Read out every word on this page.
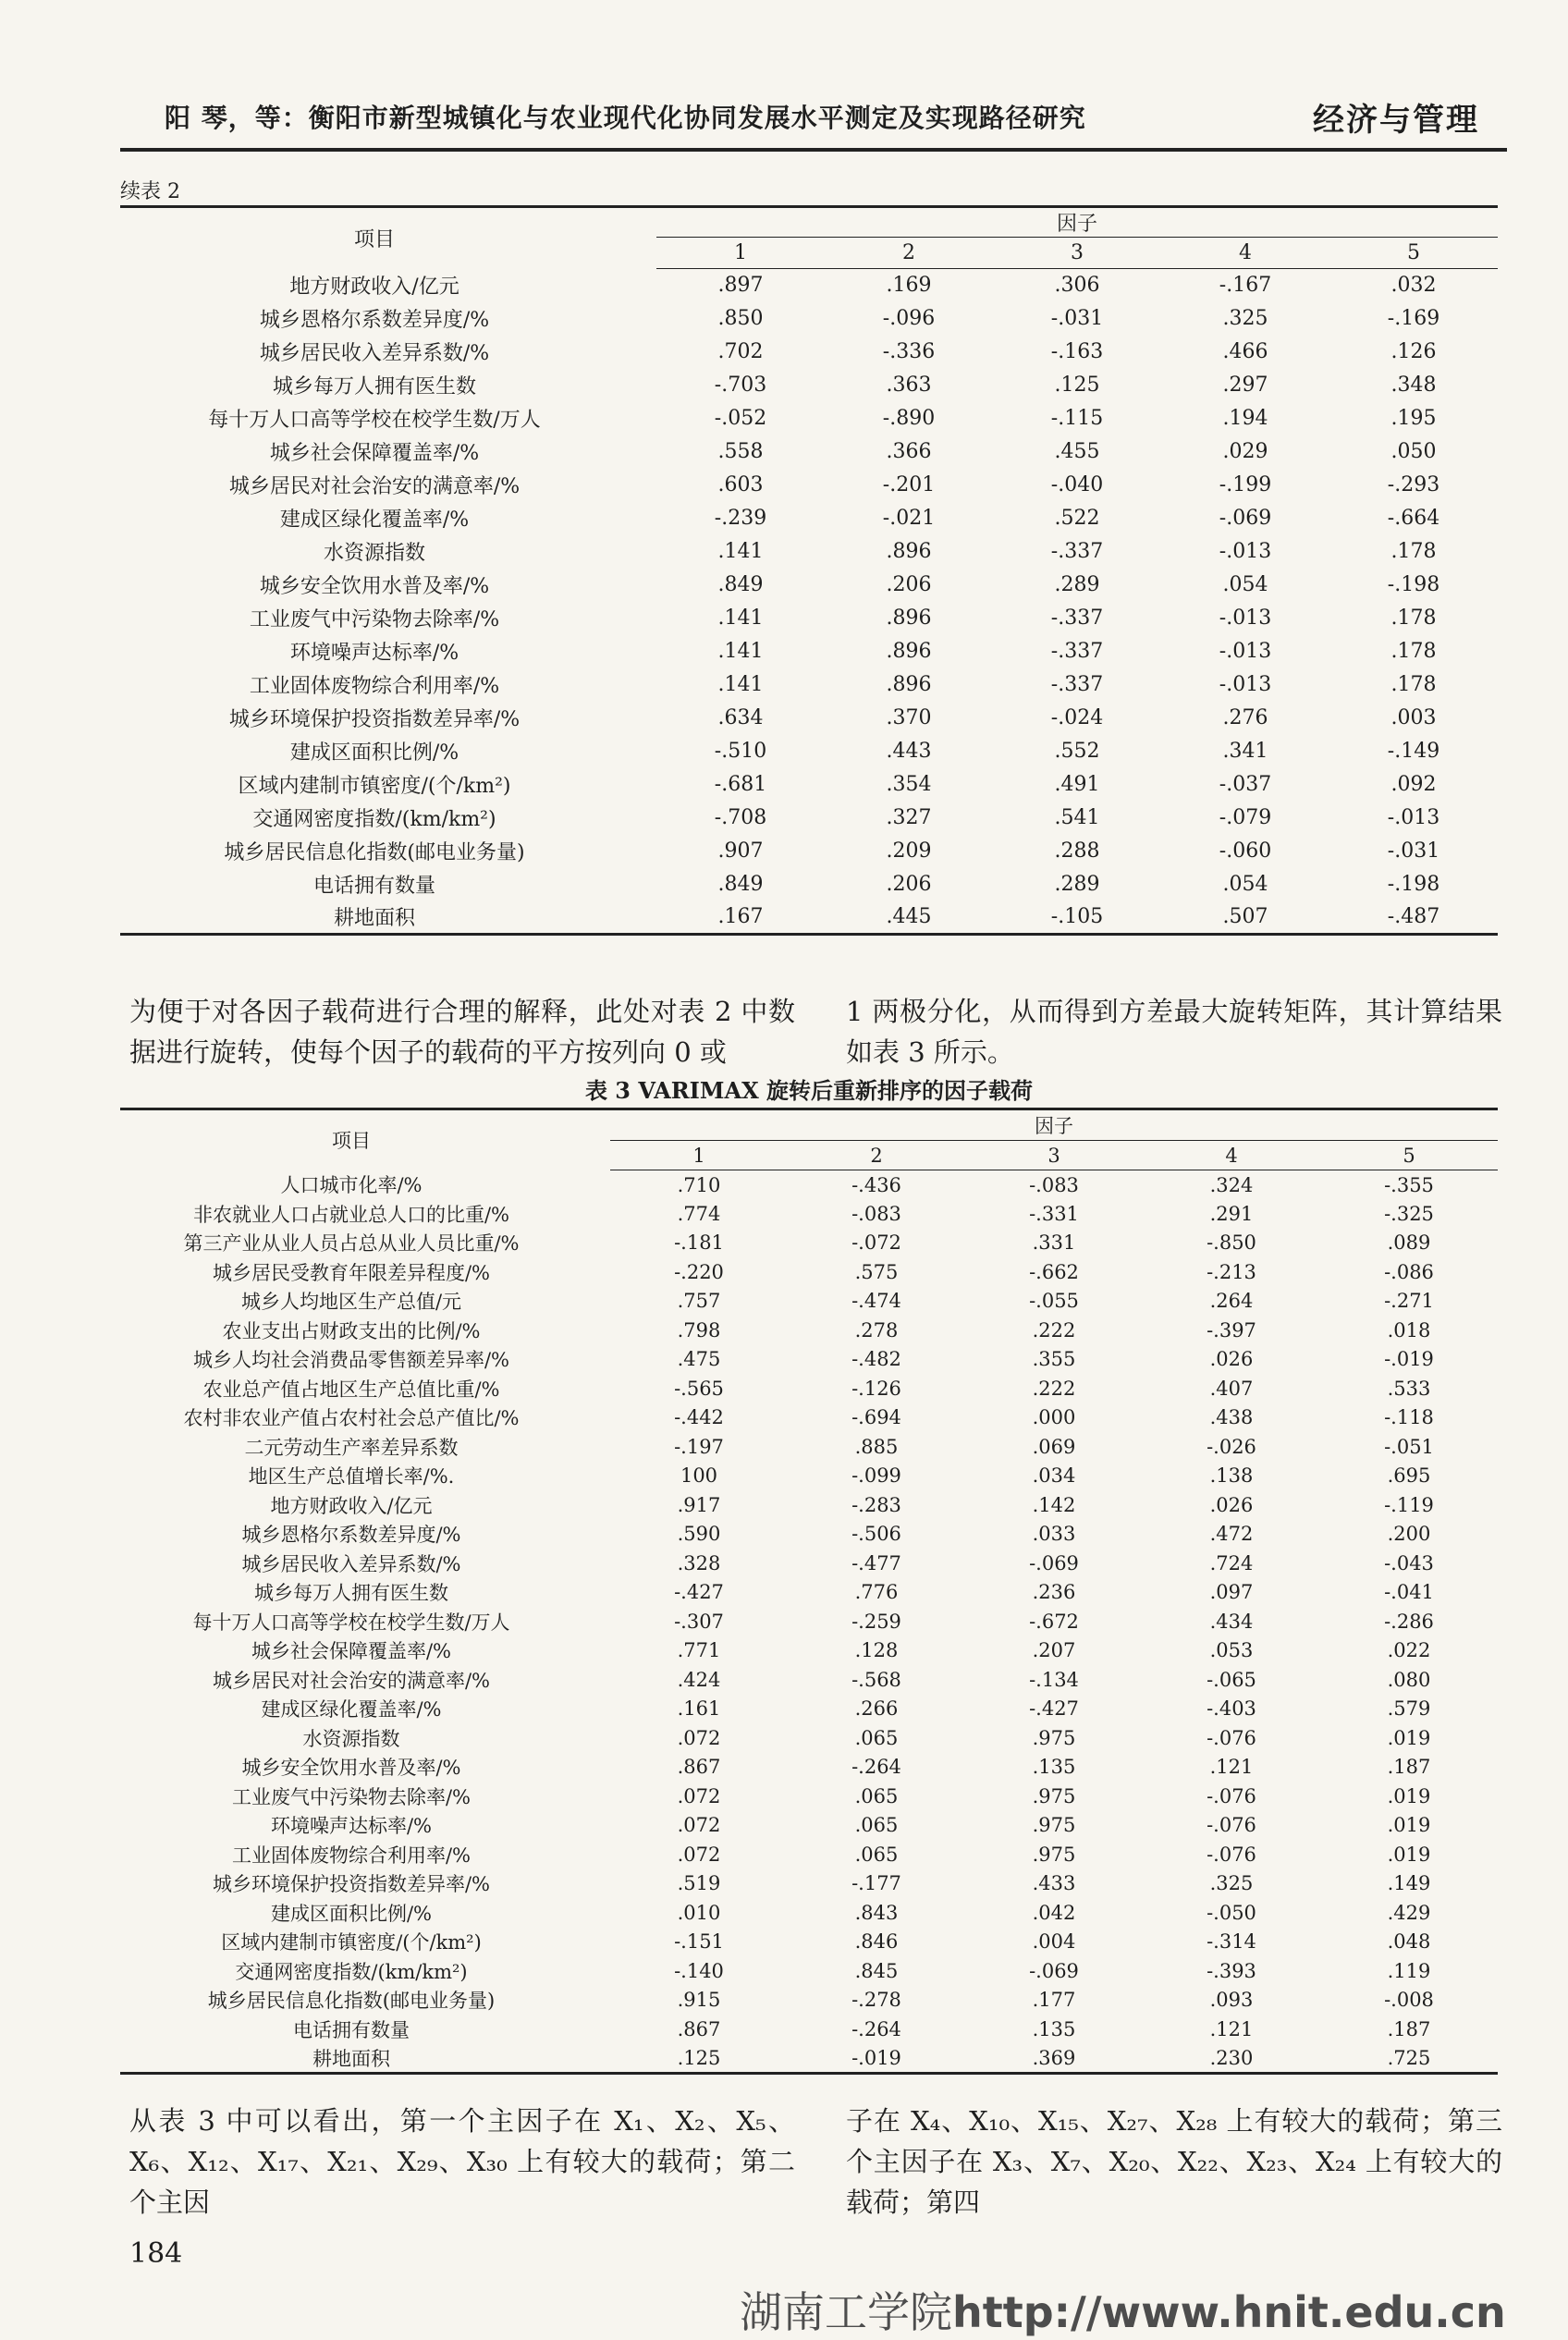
阳 琴，等：衡阳市新型城镇化与农业现代化协同发展水平测定及实现路径研究	经济与管理
续表 2
项目		因子				
		1	2	3	4	5
地方财政收入/亿元		.897	.169	.306	-.167	.032
城乡恩格尔系数差异度/%		.850	-.096	-.031	.325	-.169
城乡居民收入差异系数/%		.702	-.336	-.163	.466	.126
城乡每万人拥有医生数		-.703	.363	.125	.297	.348
每十万人口高等学校在校学生数/万人		-.052	-.890	-.115	.194	.195
城乡社会保障覆盖率/%		.558	.366	.455	.029	.050
城乡居民对社会治安的满意率/%		.603	-.201	-.040	-.199	-.293
建成区绿化覆盖率/%		-.239	-.021	.522	-.069	-.664
水资源指数		.141	.896	-.337	-.013	.178
城乡安全饮用水普及率/%		.849	.206	.289	.054	-.198
工业废气中污染物去除率/%		.141	.896	-.337	-.013	.178
环境噪声达标率/%		.141	.896	-.337	-.013	.178
工业固体废物综合利用率/%		.141	.896	-.337	-.013	.178
城乡环境保护投资指数差异率/%		.634	.370	-.024	.276	.003
建成区面积比例/%		-.510	.443	.552	.341	-.149
区域内建制市镇密度/(个/km²)		-.681	.354	.491	-.037	.092
交通网密度指数/(km/km²)		-.708	.327	.541	-.079	-.013
城乡居民信息化指数(邮电业务量)		.907	.209	.288	-.060	-.031
电话拥有数量		.849	.206	.289	.054	-.198
耕地面积		.167	.445	-.105	.507	-.487
为便于对各因子载荷进行合理的解释，此处对表 2 中数据进行旋转，使每个因子的载荷的平方按列向 0 或
1 两极分化，从而得到方差最大旋转矩阵，其计算结果如表 3 所示。
表 3 VARIMAX 旋转后重新排序的因子载荷
项目		因子				
		1	2	3	4	5
人口城市化率/%		.710	-.436	-.083	.324	-.355
非农就业人口占就业总人口的比重/%		.774	-.083	-.331	.291	-.325
第三产业从业人员占总从业人员比重/%		-.181	-.072	.331	-.850	.089
城乡居民受教育年限差异程度/%		-.220	.575	-.662	-.213	-.086
城乡人均地区生产总值/元		.757	-.474	-.055	.264	-.271
农业支出占财政支出的比例/%		.798	.278	.222	-.397	.018
城乡人均社会消费品零售额差异率/%		.475	-.482	.355	.026	-.019
农业总产值占地区生产总值比重/%		-.565	-.126	.222	.407	.533
农村非农业产值占农村社会总产值比/%		-.442	-.694	.000	.438	-.118
二元劳动生产率差异系数		-.197	.885	.069	-.026	-.051
地区生产总值增长率/%.		100	-.099	.034	.138	.695
地方财政收入/亿元		.917	-.283	.142	.026	-.119
城乡恩格尔系数差异度/%		.590	-.506	.033	.472	.200
城乡居民收入差异系数/%		.328	-.477	-.069	.724	-.043
城乡每万人拥有医生数		-.427	.776	.236	.097	-.041
每十万人口高等学校在校学生数/万人		-.307	-.259	-.672	.434	-.286
城乡社会保障覆盖率/%		.771	.128	.207	.053	.022
城乡居民对社会治安的满意率/%		.424	-.568	-.134	-.065	.080
建成区绿化覆盖率/%		.161	.266	-.427	-.403	.579
水资源指数		.072	.065	.975	-.076	.019
城乡安全饮用水普及率/%		.867	-.264	.135	.121	.187
工业废气中污染物去除率/%		.072	.065	.975	-.076	.019
环境噪声达标率/%		.072	.065	.975	-.076	.019
工业固体废物综合利用率/%		.072	.065	.975	-.076	.019
城乡环境保护投资指数差异率/%		.519	-.177	.433	.325	.149
建成区面积比例/%		.010	.843	.042	-.050	.429
区域内建制市镇密度/(个/km²)		-.151	.846	.004	-.314	.048
交通网密度指数/(km/km²)		-.140	.845	-.069	-.393	.119
城乡居民信息化指数(邮电业务量)		.915	-.278	.177	.093	-.008
电话拥有数量		.867	-.264	.135	.121	.187
耕地面积		.125	-.019	.369	.230	.725
从表 3 中可以看出，第一个主因子在 X₁、X₂、X₅、X₆、X₁₂、X₁₇、X₂₁、X₂₉、X₃₀ 上有较大的载荷；第二个主因
子在 X₄、X₁₀、X₁₅、X₂₇、X₂₈ 上有较大的载荷；第三个主因子在 X₃、X₇、X₂₀、X₂₂、X₂₃、X₂₄ 上有较大的载荷；第四
184
湖南工学院http://www.hnit.edu.cn
